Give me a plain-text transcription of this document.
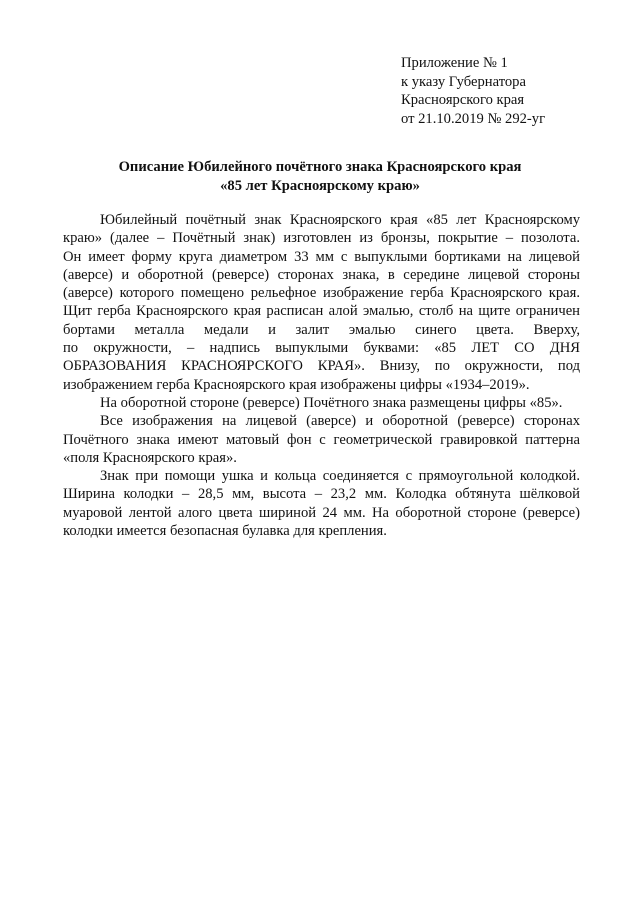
Приложение № 1
к указу Губернатора
Красноярского края
от 21.10.2019 № 292-уг
Описание Юбилейного почётного знака Красноярского края
«85 лет Красноярскому краю»
Юбилейный почётный знак Красноярского края «85 лет Красноярскому
краю» (далее – Почётный знак) изготовлен из бронзы, покрытие – позолота.
Он имеет форму круга диаметром 33 мм с выпуклыми бортиками на лицевой
(аверсе) и оборотной (реверсе) сторонах знака, в середине лицевой стороны
(аверсе) которого помещено рельефное изображение герба Красноярского края.
Щит герба Красноярского края расписан алой эмалью, столб на щите ограничен
бортами металла медали и залит эмалью синего цвета. Вверху,
по окружности, – надпись выпуклыми буквами: «85 ЛЕТ СО ДНЯ
ОБРАЗОВАНИЯ КРАСНОЯРСКОГО КРАЯ». Внизу, по окружности, под
изображением герба Красноярского края изображены цифры «1934–2019».
На оборотной стороне (реверсе) Почётного знака размещены цифры «85».
Все изображения на лицевой (аверсе) и оборотной (реверсе) сторонах
Почётного знака имеют матовый фон с геометрической гравировкой паттерна
«поля Красноярского края».
Знак при помощи ушка и кольца соединяется с прямоугольной колодкой.
Ширина колодки – 28,5 мм, высота – 23,2 мм. Колодка обтянута шёлковой
муаровой лентой алого цвета шириной 24 мм. На оборотной стороне (реверсе)
колодки имеется безопасная булавка для крепления.
